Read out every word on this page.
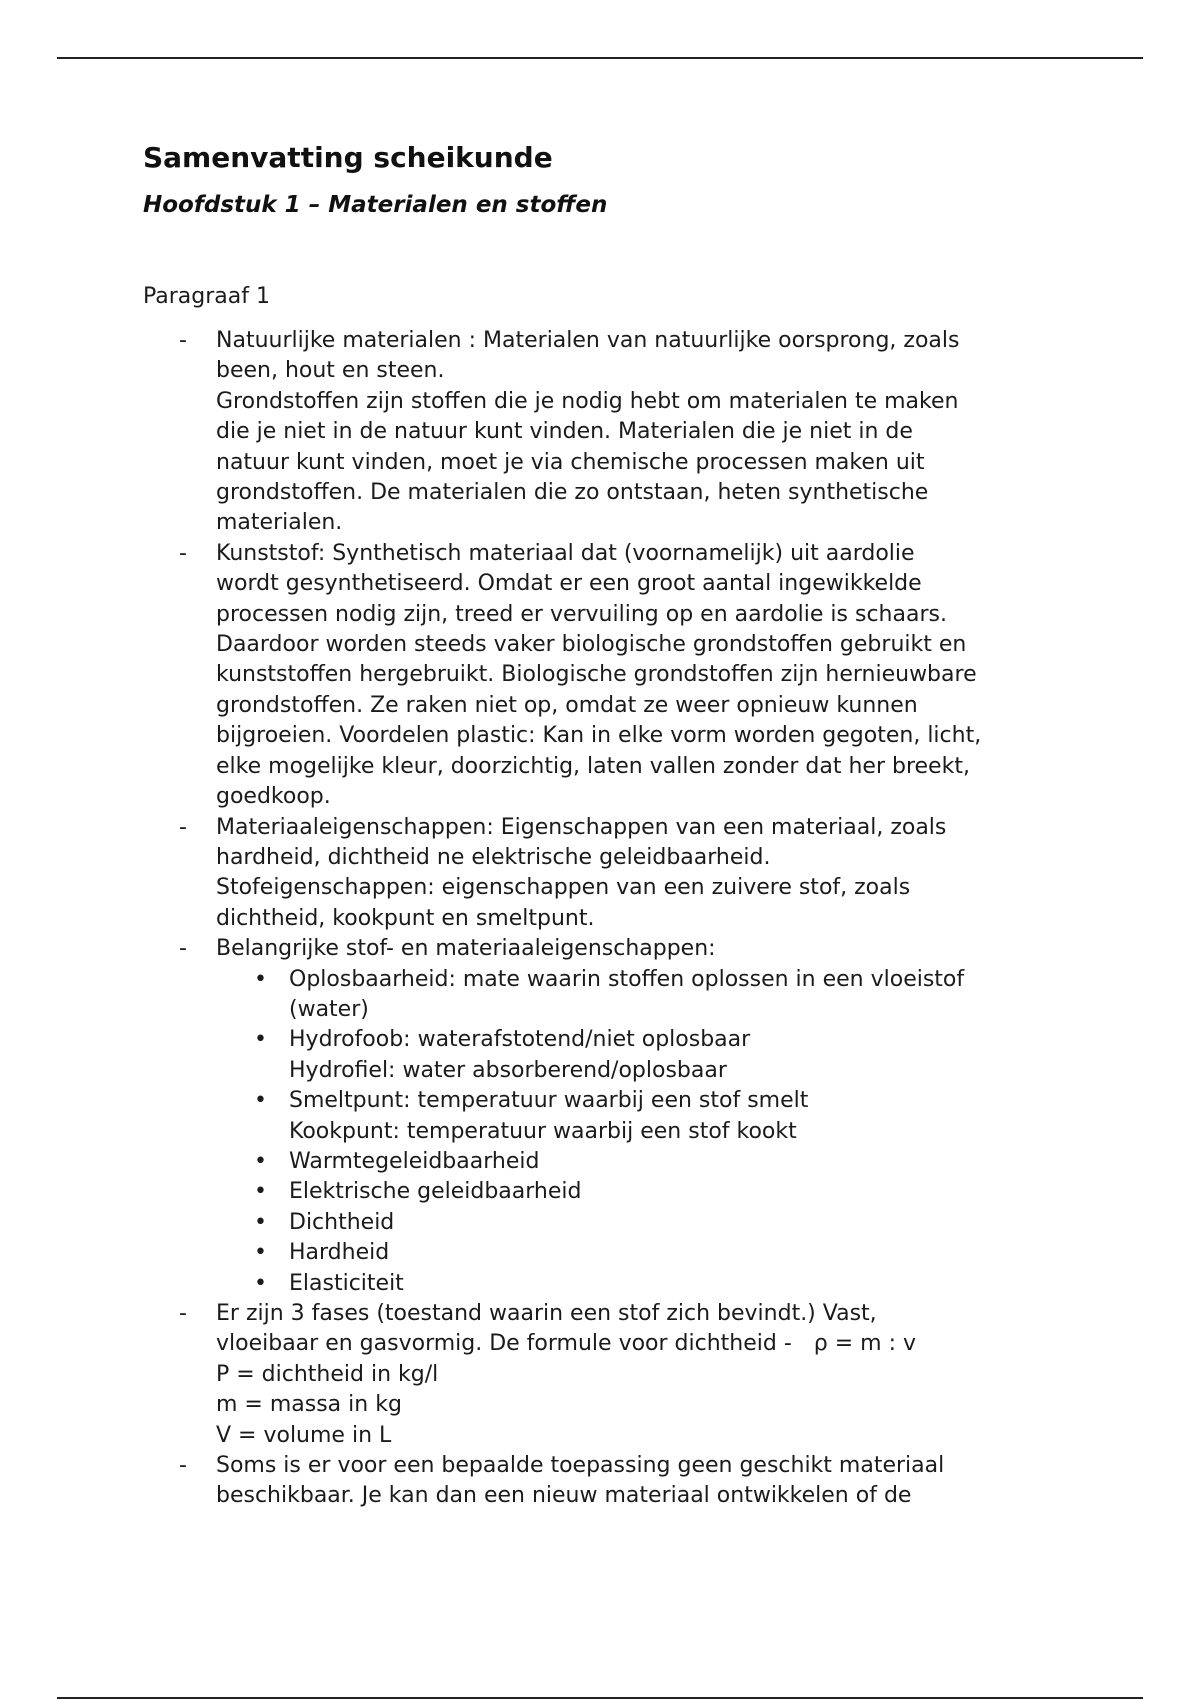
Samenvatting scheikunde
Hoofdstuk 1 – Materialen en stoffen
Paragraaf 1
-	Natuurlijke materialen : Materialen van natuurlijke oorsprong, zoals
been, hout en steen.
Grondstoffen zijn stoffen die je nodig hebt om materialen te maken
die je niet in de natuur kunt vinden. Materialen die je niet in de
natuur kunt vinden, moet je via chemische processen maken uit
grondstoffen. De materialen die zo ontstaan, heten synthetische
materialen.
-	Kunststof: Synthetisch materiaal dat (voornamelijk) uit aardolie
wordt gesynthetiseerd. Omdat er een groot aantal ingewikkelde
processen nodig zijn, treed er vervuiling op en aardolie is schaars.
Daardoor worden steeds vaker biologische grondstoffen gebruikt en
kunststoffen hergebruikt. Biologische grondstoffen zijn hernieuwbare
grondstoffen. Ze raken niet op, omdat ze weer opnieuw kunnen
bijgroeien. Voordelen plastic: Kan in elke vorm worden gegoten, licht,
elke mogelijke kleur, doorzichtig, laten vallen zonder dat her breekt,
goedkoop.
-	Materiaaleigenschappen: Eigenschappen van een materiaal, zoals
hardheid, dichtheid ne elektrische geleidbaarheid.
Stofeigenschappen: eigenschappen van een zuivere stof, zoals
dichtheid, kookpunt en smeltpunt.
-	Belangrijke stof- en materiaaleigenschappen:
• Oplosbaarheid: mate waarin stoffen oplossen in een vloeistof
(water)
• Hydrofoob: waterafstotend/niet oplosbaar
Hydrofiel: water absorberend/oplosbaar
• Smeltpunt: temperatuur waarbij een stof smelt
Kookpunt: temperatuur waarbij een stof kookt
• Warmtegeleidbaarheid
• Elektrische geleidbaarheid
• Dichtheid
• Hardheid
• Elasticiteit
-	Er zijn 3 fases (toestand waarin een stof zich bevindt.) Vast,
vloeibaar en gasvormig. De formule voor dichtheid - ρ = m : v
P = dichtheid in kg/l
m = massa in kg
V = volume in L
-	Soms is er voor een bepaalde toepassing geen geschikt materiaal
beschikbaar. Je kan dan een nieuw materiaal ontwikkelen of de
